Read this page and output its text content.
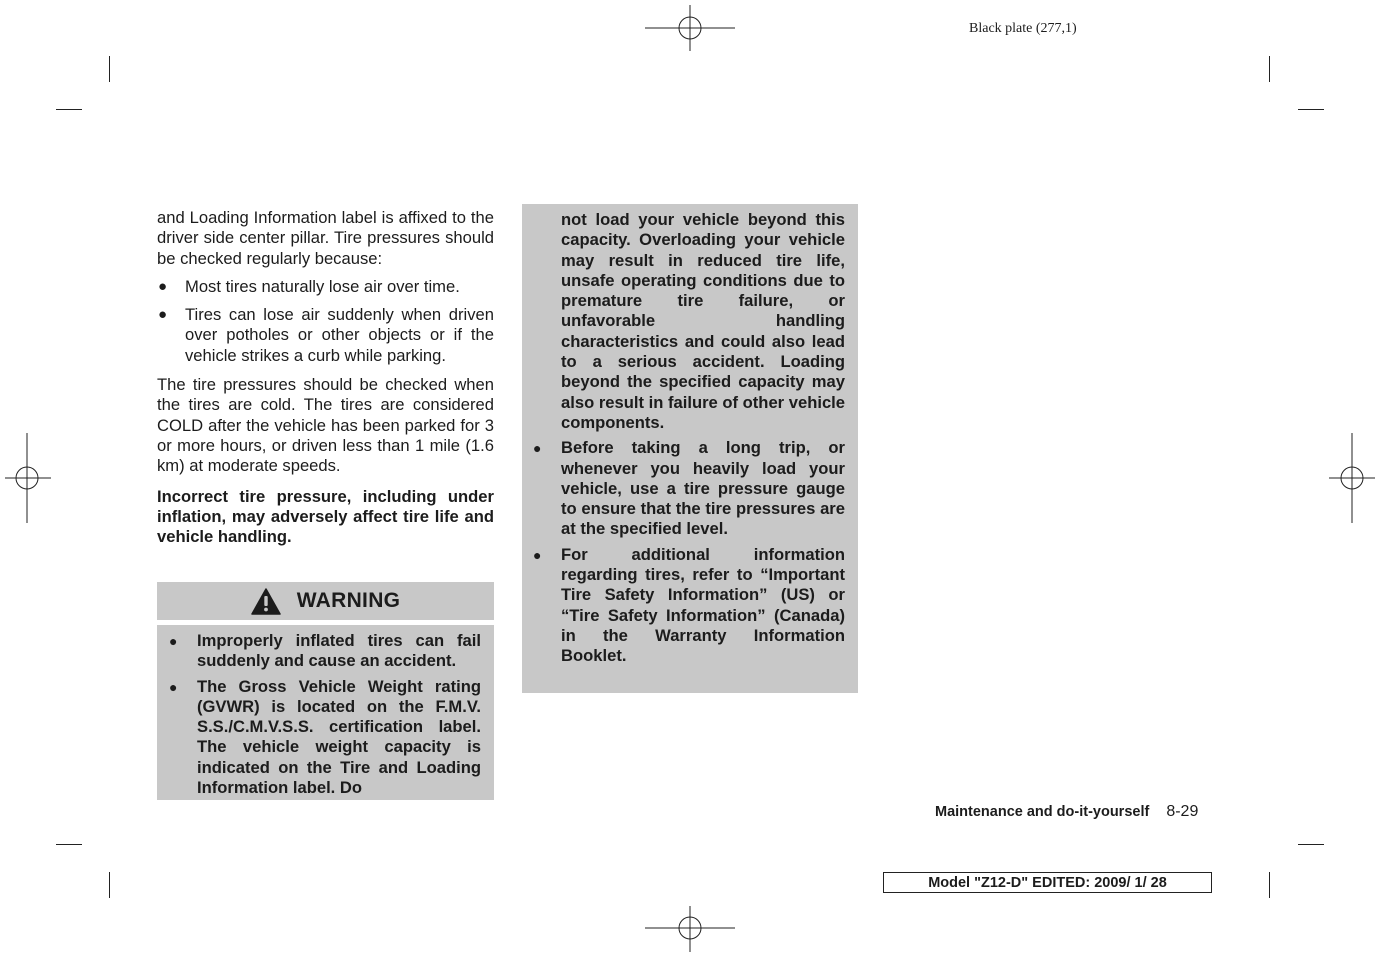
Black plate (277,1)

and Loading Information label is affixed to the driver side center pillar. Tire pressures should be checked regularly because:

● Most tires naturally lose air over time.
● Tires can lose air suddenly when driven over potholes or other objects or if the vehicle strikes a curb while parking.

The tire pressures should be checked when the tires are cold. The tires are considered COLD after the vehicle has been parked for 3 or more hours, or driven less than 1 mile (1.6 km) at moderate speeds.

Incorrect tire pressure, including under inflation, may adversely affect tire life and vehicle handling.

WARNING
● Improperly inflated tires can fail suddenly and cause an accident.
● The Gross Vehicle Weight rating (GVWR) is located on the F.M.V. S.S./C.M.V.S.S. certification label. The vehicle weight capacity is indicated on the Tire and Loading Information label. Do
not load your vehicle beyond this capacity. Overloading your vehicle may result in reduced tire life, unsafe operating conditions due to premature tire failure, or unfavorable handling characteristics and could also lead to a serious accident. Loading beyond the specified capacity may also result in failure of other vehicle components.
● Before taking a long trip, or whenever you heavily load your vehicle, use a tire pressure gauge to ensure that the tire pressures are at the specified level.
● For additional information regarding tires, refer to “Important Tire Safety Information” (US) or “Tire Safety Information” (Canada) in the Warranty Information Booklet.
Maintenance and do-it-yourself 8-29
Model "Z12-D" EDITED: 2009/ 1/ 28
